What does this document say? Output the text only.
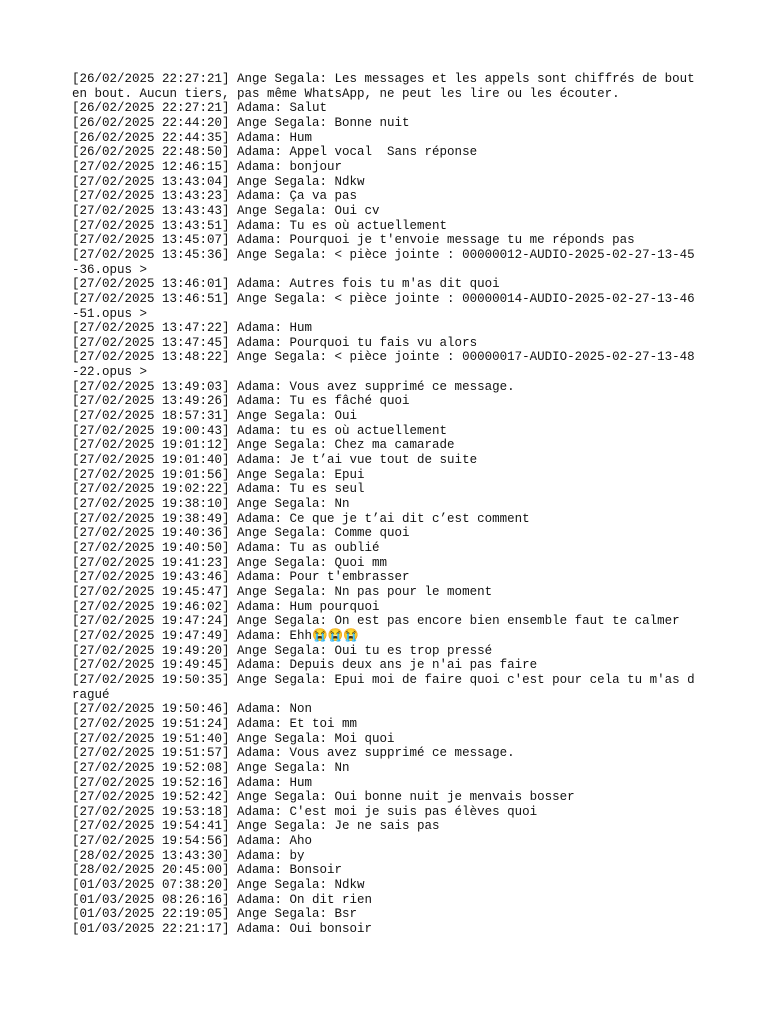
[26/02/2025 22:27:21] Ange Segala: Les messages et les appels sont chiffrés de bout en bout. Aucun tiers, pas même WhatsApp, ne peut les lire ou les écouter.
[26/02/2025 22:27:21] Adama: Salut
[26/02/2025 22:44:20] Ange Segala: Bonne nuit
[26/02/2025 22:44:35] Adama: Hum
[26/02/2025 22:48:50] Adama: Appel vocal  Sans réponse
[27/02/2025 12:46:15] Adama: bonjour
[27/02/2025 13:43:04] Ange Segala: Ndkw
[27/02/2025 13:43:23] Adama: Ça va pas
[27/02/2025 13:43:43] Ange Segala: Oui cv
[27/02/2025 13:43:51] Adama: Tu es où actuellement
[27/02/2025 13:45:07] Adama: Pourquoi je t'envoie message tu me réponds pas
[27/02/2025 13:45:36] Ange Segala: < pièce jointe : 00000012-AUDIO-2025-02-27-13-45-36.opus >
[27/02/2025 13:46:01] Adama: Autres fois tu m'as dit quoi
[27/02/2025 13:46:51] Ange Segala: < pièce jointe : 00000014-AUDIO-2025-02-27-13-46-51.opus >
[27/02/2025 13:47:22] Adama: Hum
[27/02/2025 13:47:45] Adama: Pourquoi tu fais vu alors
[27/02/2025 13:48:22] Ange Segala: < pièce jointe : 00000017-AUDIO-2025-02-27-13-48-22.opus >
[27/02/2025 13:49:03] Adama: Vous avez supprimé ce message.
[27/02/2025 13:49:26] Adama: Tu es fâché quoi
[27/02/2025 18:57:31] Ange Segala: Oui
[27/02/2025 19:00:43] Adama: tu es où actuellement
[27/02/2025 19:01:12] Ange Segala: Chez ma camarade
[27/02/2025 19:01:40] Adama: Je t’ai vue tout de suite
[27/02/2025 19:01:56] Ange Segala: Epui
[27/02/2025 19:02:22] Adama: Tu es seul
[27/02/2025 19:38:10] Ange Segala: Nn
[27/02/2025 19:38:49] Adama: Ce que je t’ai dit c’est comment
[27/02/2025 19:40:36] Ange Segala: Comme quoi
[27/02/2025 19:40:50] Adama: Tu as oublié
[27/02/2025 19:41:23] Ange Segala: Quoi mm
[27/02/2025 19:43:46] Adama: Pour t'embrasser
[27/02/2025 19:45:47] Ange Segala: Nn pas pour le moment
[27/02/2025 19:46:02] Adama: Hum pourquoi
[27/02/2025 19:47:24] Ange Segala: On est pas encore bien ensemble faut te calmer
[27/02/2025 19:47:49] Adama: Ehh😭😭😭
[27/02/2025 19:49:20] Ange Segala: Oui tu es trop pressé
[27/02/2025 19:49:45] Adama: Depuis deux ans je n'ai pas faire
[27/02/2025 19:50:35] Ange Segala: Epui moi de faire quoi c'est pour cela tu m'as dragué
[27/02/2025 19:50:46] Adama: Non
[27/02/2025 19:51:24] Adama: Et toi mm
[27/02/2025 19:51:40] Ange Segala: Moi quoi
[27/02/2025 19:51:57] Adama: Vous avez supprimé ce message.
[27/02/2025 19:52:08] Ange Segala: Nn
[27/02/2025 19:52:16] Adama: Hum
[27/02/2025 19:52:42] Ange Segala: Oui bonne nuit je menvais bosser
[27/02/2025 19:53:18] Adama: C'est moi je suis pas élèves quoi
[27/02/2025 19:54:41] Ange Segala: Je ne sais pas
[27/02/2025 19:54:56] Adama: Aho
[28/02/2025 13:43:30] Adama: by
[28/02/2025 20:45:00] Adama: Bonsoir
[01/03/2025 07:38:20] Ange Segala: Ndkw
[01/03/2025 08:26:16] Adama: On dit rien
[01/03/2025 22:19:05] Ange Segala: Bsr
[01/03/2025 22:21:17] Adama: Oui bonsoir
